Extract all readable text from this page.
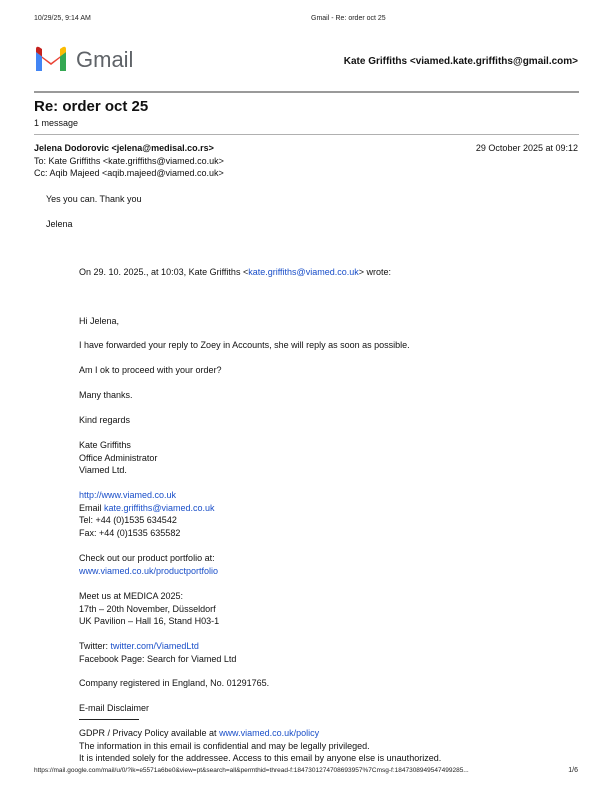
10/29/25, 9:14 AM	Gmail - Re: order oct 25
Gmail	Kate Griffiths <viamed.kate.griffiths@gmail.com>
Re: order oct 25
1 message
Jelena Dodorovic <jelena@medisal.co.rs>	29 October 2025 at 09:12
To: Kate Griffiths <kate.griffiths@viamed.co.uk>
Cc: Aqib Majeed <aqib.majeed@viamed.co.uk>
Yes you can. Thank you
Jelena
On 29. 10. 2025., at 10:03, Kate Griffiths <kate.griffiths@viamed.co.uk> wrote:
Hi Jelena,
I have forwarded your reply to Zoey in Accounts, she will reply as soon as possible.
Am I ok to proceed with your order?
Many thanks.
Kind regards
Kate Griffiths
Office Administrator
Viamed Ltd.
http://www.viamed.co.uk
Email kate.griffiths@viamed.co.uk
Tel: +44 (0)1535 634542
Fax: +44 (0)1535 635582
Check out our product portfolio at:
www.viamed.co.uk/productportfolio
Meet us at MEDICA 2025:
17th – 20th November, Düsseldorf
UK Pavilion – Hall 16, Stand H03-1
Twitter: twitter.com/ViamedLtd
Facebook Page: Search for Viamed Ltd
Company registered in England, No. 01291765.
E-mail Disclaimer
GDPR / Privacy Policy available at www.viamed.co.uk/policy
The information in this email is confidential and may be legally privileged.
It is intended solely for the addressee. Access to this email by anyone else is unauthorized.
https://mail.google.com/mail/u/0/?ik=e5571a6be0&view=pt&search=all&permthid=thread-f:1847301274708693957%7Cmsg-f:1847308949547499285...	1/6
